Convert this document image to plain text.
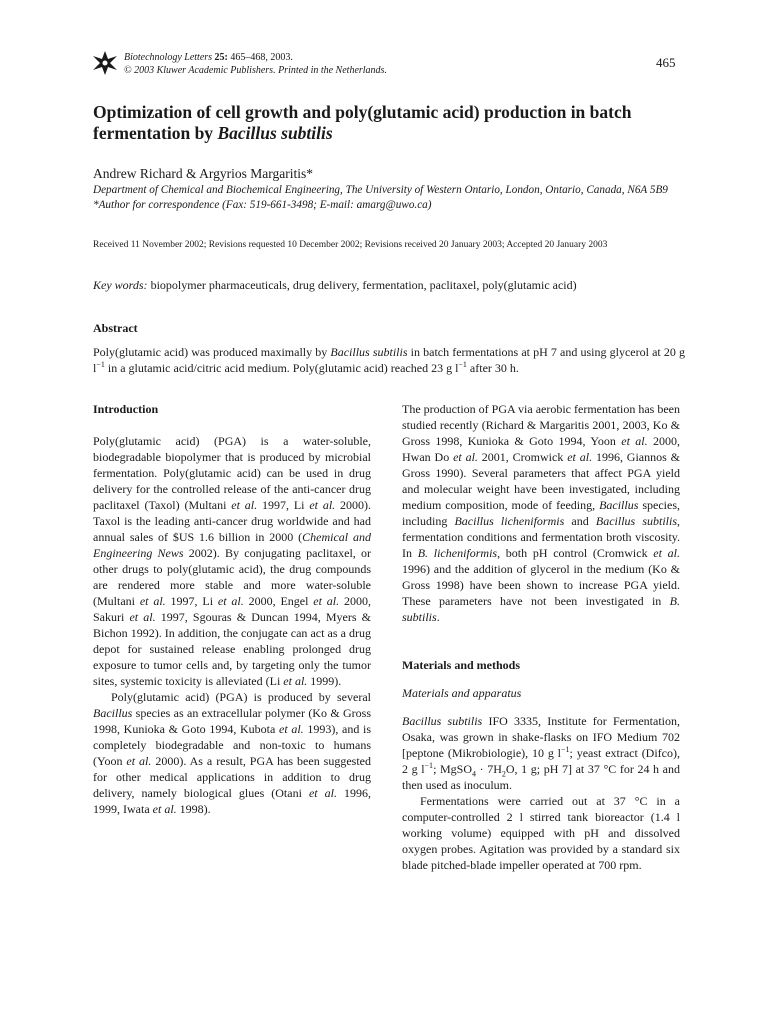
Biotechnology Letters 25: 465–468, 2003.
© 2003 Kluwer Academic Publishers. Printed in the Netherlands.
465
Optimization of cell growth and poly(glutamic acid) production in batch fermentation by Bacillus subtilis
Andrew Richard & Argyrios Margaritis*
Department of Chemical and Biochemical Engineering, The University of Western Ontario, London, Ontario, Canada, N6A 5B9
*Author for correspondence (Fax: 519-661-3498; E-mail: amarg@uwo.ca)
Received 11 November 2002; Revisions requested 10 December 2002; Revisions received 20 January 2003; Accepted 20 January 2003
Key words: biopolymer pharmaceuticals, drug delivery, fermentation, paclitaxel, poly(glutamic acid)
Abstract
Poly(glutamic acid) was produced maximally by Bacillus subtilis in batch fermentations at pH 7 and using glycerol at 20 g $l^{-1}$ in a glutamic acid/citric acid medium. Poly(glutamic acid) reached 23 g $l^{-1}$ after 30 h.

Introduction

Poly(glutamic acid) (PGA) is a water-soluble, biodegradable biopolymer that is produced by microbial fermentation. Poly(glutamic acid) can be used in drug delivery for the controlled release of the anti-cancer drug paclitaxel (Taxol) (Multani et al. 1997, Li et al. 2000). Taxol is the leading anti-cancer drug worldwide and had annual sales of $US 1.6 billion in 2000 (Chemical and Engineering News 2002). By conjugating paclitaxel, or other drugs to poly(glutamic acid), the drug compounds are rendered more stable and more water-soluble (Multani et al. 1997, Li et al. 2000, Engel et al. 2000, Sakuri et al. 1997, Sgouras & Duncan 1994, Myers & Bichon 1992). In addition, the conjugate can act as a drug depot for sustained release enabling prolonged drug exposure to tumor cells and, by targeting only the tumor sites, systemic toxicity is alleviated (Li et al. 1999).

Poly(glutamic acid) (PGA) is produced by several Bacillus species as an extracellular polymer (Ko & Gross 1998, Kunioka & Goto 1994, Kubota et al. 1993), and is completely biodegradable and non-toxic to humans (Yoon et al. 2000). As a result, PGA has been suggested for other medical applications in addition to drug delivery, namely biological glues (Otani et al. 1996, 1999, Iwata et al. 1998).

The production of PGA via aerobic fermentation has been studied recently (Richard & Margaritis 2001, 2003, Ko & Gross 1998, Kunioka & Goto 1994, Yoon et al. 2000, Hwan Do et al. 2001, Cromwick et al. 1996, Giannos & Gross 1990). Several parameters that affect PGA yield and molecular weight have been investigated, including medium composition, mode of feeding, Bacillus species, including Bacillus licheniformis and Bacillus subtilis, fermentation conditions and fermentation broth viscosity. In B. licheniformis, both pH control (Cromwick et al. 1996) and the addition of glycerol in the medium (Ko & Gross 1998) have been shown to increase PGA yield. These parameters have not been investigated in B. subtilis.

Materials and methods

Materials and apparatus

Bacillus subtilis IFO 3335, Institute for Fermentation, Osaka, was grown in shake-flasks on IFO Medium 702 [peptone (Mikrobiologie), 10 g $l^{-1}$; yeast extract (Difco), 2 g $l^{-1}$; MgSO$_4$ · $7H_2O$, 1 g; pH 7] at 37 °C for 24 h and then used as inoculum.

Fermentations were carried out at 37 °C in a computer-controlled 2 l stirred tank bioreactor (1.4 l working volume) equipped with pH and dissolved oxygen probes. Agitation was provided by a standard six blade pitched-blade impeller operated at 700 rpm.
